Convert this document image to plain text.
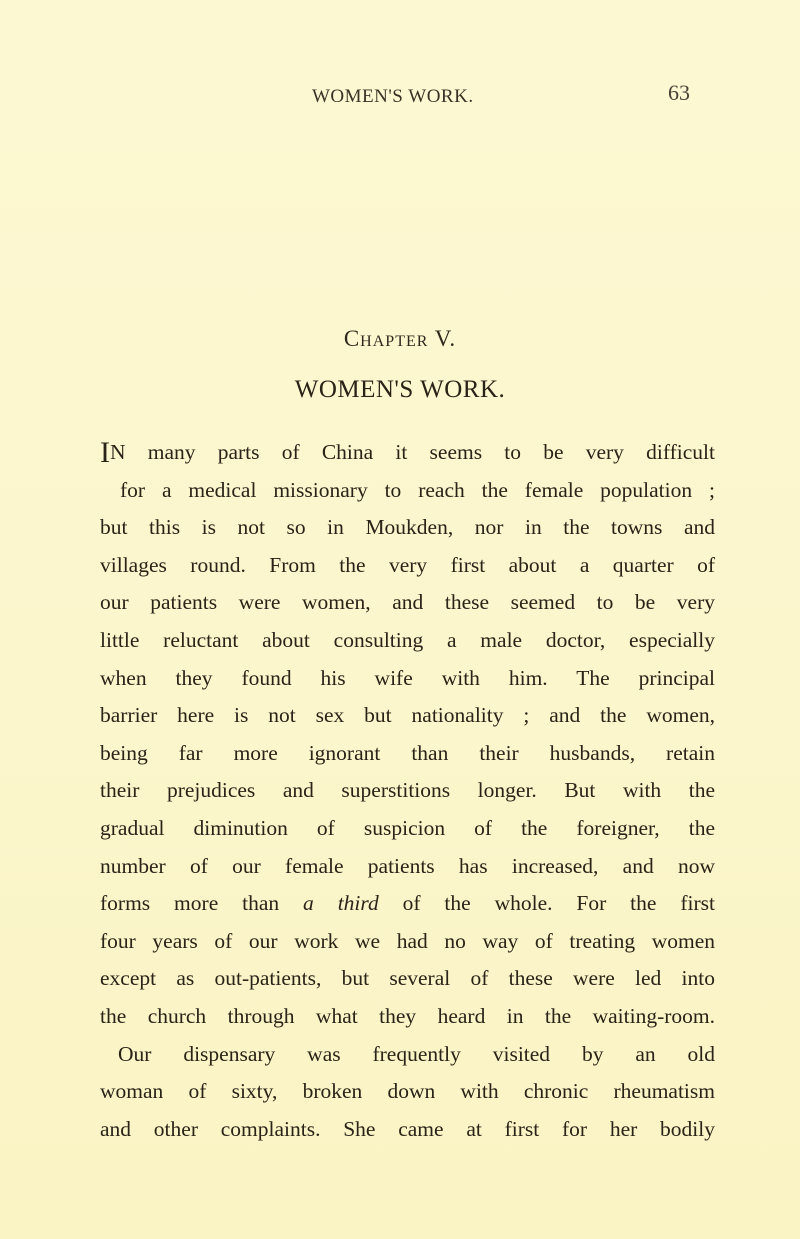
WOMEN'S WORK.	63
Chapter V.
WOMEN'S WORK.
IN many parts of China it seems to be very difficult
for a medical missionary to reach the female population ;
but this is not so in Moukden, nor in the towns and
villages round. From the very first about a quarter of
our patients were women, and these seemed to be very
little reluctant about consulting a male doctor, especially
when they found his wife with him. The principal
barrier here is not sex but nationality ; and the women,
being far more ignorant than their husbands, retain
their prejudices and superstitions longer. But with the
gradual diminution of suspicion of the foreigner, the
number of our female patients has increased, and now
forms more than a third of the whole. For the first
four years of our work we had no way of treating women
except as out-patients, but several of these were led into
the church through what they heard in the waiting-room.
Our dispensary was frequently visited by an old
woman of sixty, broken down with chronic rheumatism
and other complaints. She came at first for her bodily
